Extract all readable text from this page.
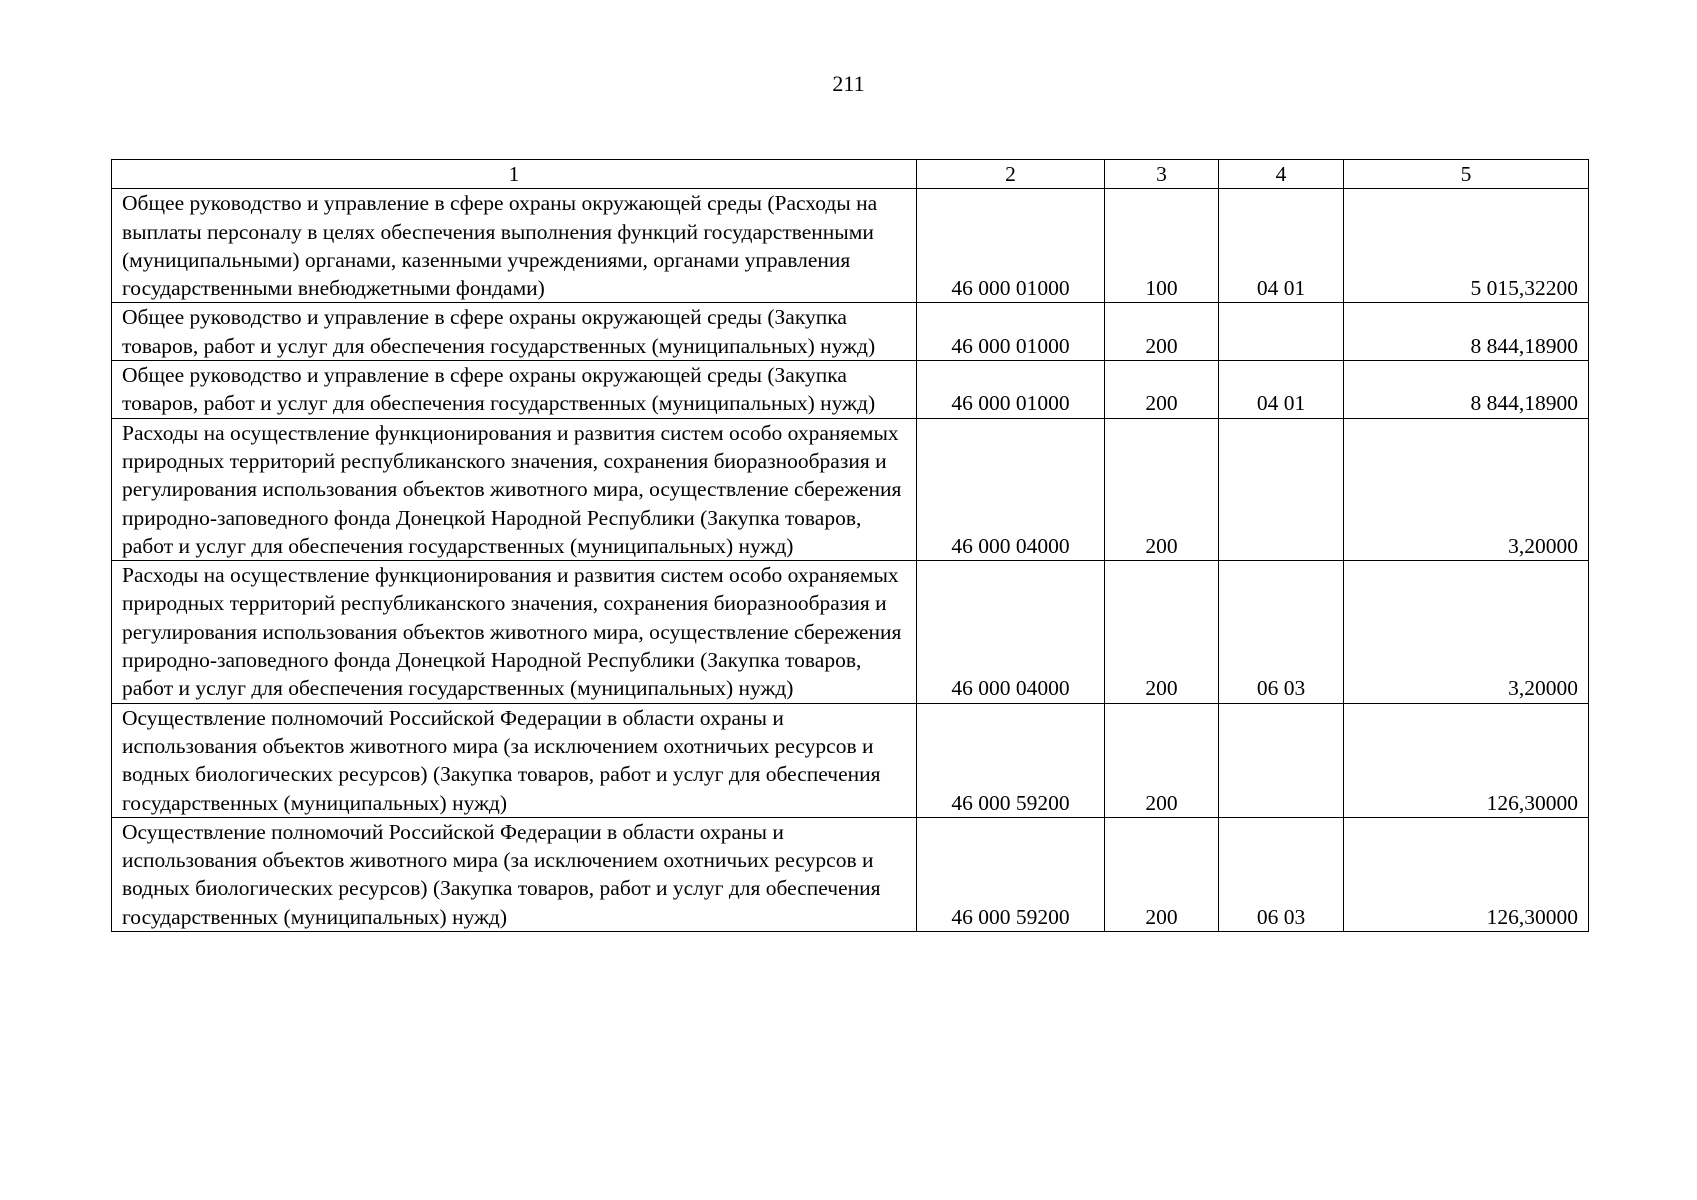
211
1	2	3	4	5
Общее руководство и управление в сфере охраны окружающей среды (Расходы на выплаты персоналу в целях обеспечения выполнения функций государственными (муниципальными) органами, казенными учреждениями, органами управления государственными внебюджетными фондами)	46 000 01000	100	04 01	5 015,32200
Общее руководство и управление в сфере охраны окружающей среды (Закупка товаров, работ и услуг для обеспечения государственных (муниципальных) нужд)	46 000 01000	200		8 844,18900
Общее руководство и управление в сфере охраны окружающей среды (Закупка товаров, работ и услуг для обеспечения государственных (муниципальных) нужд)	46 000 01000	200	04 01	8 844,18900
Расходы на осуществление функционирования и развития систем особо охраняемых природных территорий республиканского значения, сохранения биоразнообразия и регулирования использования объектов животного мира, осуществление сбережения природно-заповедного фонда Донецкой Народной Республики (Закупка товаров, работ и услуг для обеспечения государственных (муниципальных) нужд)	46 000 04000	200		3,20000
Расходы на осуществление функционирования и развития систем особо охраняемых природных территорий республиканского значения, сохранения биоразнообразия и регулирования использования объектов животного мира, осуществление сбережения природно-заповедного фонда Донецкой Народной Республики (Закупка товаров, работ и услуг для обеспечения государственных (муниципальных) нужд)	46 000 04000	200	06 03	3,20000
Осуществление полномочий Российской Федерации в области охраны и использования объектов животного мира (за исключением охотничьих ресурсов и водных биологических ресурсов) (Закупка товаров, работ и услуг для обеспечения государственных (муниципальных) нужд)	46 000 59200	200		126,30000
Осуществление полномочий Российской Федерации в области охраны и использования объектов животного мира (за исключением охотничьих ресурсов и водных биологических ресурсов) (Закупка товаров, работ и услуг для обеспечения государственных (муниципальных) нужд)	46 000 59200	200	06 03	126,30000
